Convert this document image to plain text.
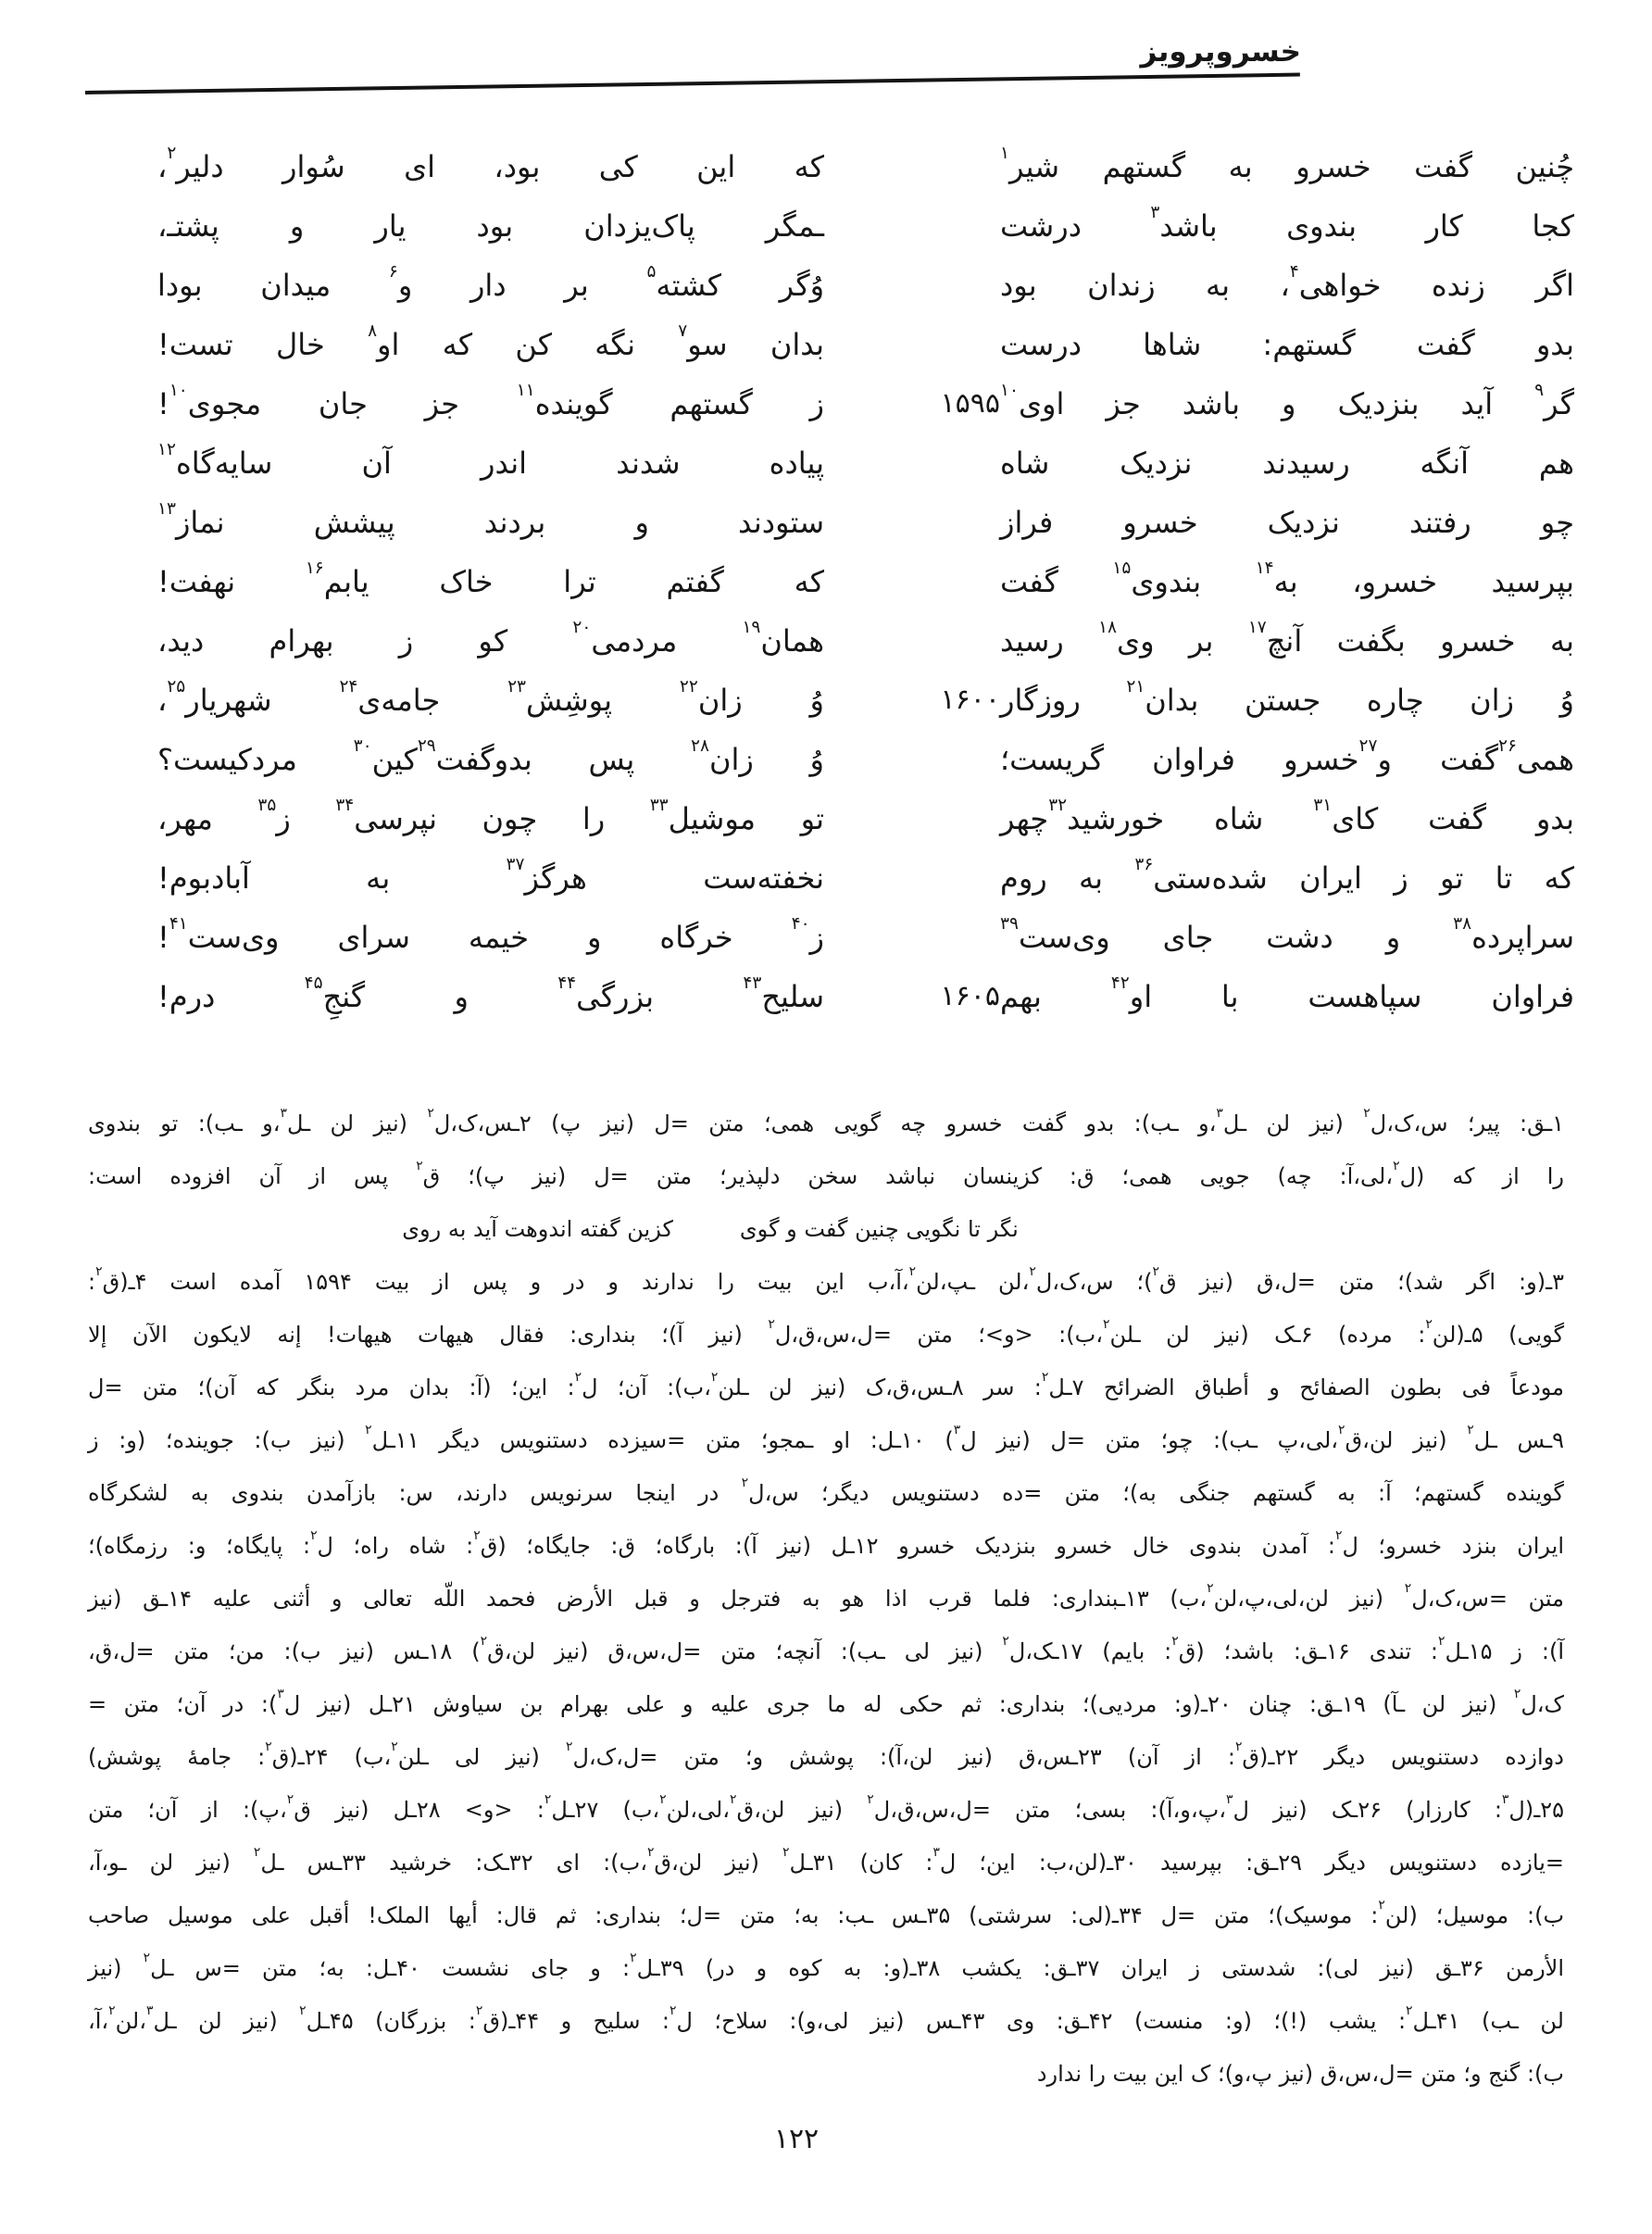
خسروپرویز
که این کی بود، ای سُوار دلیر$^۲$،	چُنین گفت خسرو به گستهم شیر$^۱$
ـمگر پاک‌یزدان بود یار و پشتـ،	کجا کار بندوی باشد$^۳$ درشت
وُگر کشته$^۵$ بر دار و$^۶$ میدان بودا	اگر زنده خواهی$^۴$، به زندان بود
بدان سو$^۷$ نگه کن که او$^۸$ خال تست!	بدو گفت گستهم: شاها درست
ز گستهم گوینده$^{۱۱}$ جز جان مجوی$^{۱۰}$!	۱۵۹۵	گر$^۹$ آید بنزدیک و باشد جز اوی$^{۱۰}$
پیاده شدند اندر آن سایه‌گاه$^{۱۲}$	هم آنگه رسیدند نزدیک شاه
ستودند و بردند پیشش نماز$^{۱۳}$	چو رفتند نزدیک خسرو فراز
که گفتم ترا خاک یابم$^{۱۶}$ نهفت!	بپرسید خسرو، به$^{۱۴}$ بندوی$^{۱۵}$ گفت
همان$^{۱۹}$ مردمی$^{۲۰}$ کو ز بهرام دید،	به خسرو بگفت آنچ$^{۱۷}$ بر وی$^{۱۸}$ رسید
وُ زان$^{۲۲}$ پوشِش$^{۲۳}$ جامه‌ی$^{۲۴}$ شهریار$^{۲۵}$،	۱۶۰۰	وُ زان چاره جستن بدان$^{۲۱}$ روزگار
وُ زان$^{۲۸}$ پس بدوگفت$^{۲۹}$کین$^{۳۰}$ مردکیست؟	همی$^{۲۶}$گفت و$^{۲۷}$خسرو فراوان گریست؛
تو موشیل$^{۳۳}$ را چون نپرسی$^{۳۴}$ ز$^{۳۵}$ مهر،	بدو گفت کای$^{۳۱}$ شاه خورشید$^{۳۲}$چهر
نخفته‌ست هرگز$^{۳۷}$ به آبادبوم!	که تا تو ز ایران شده‌ستی$^{۳۶}$ به روم
ز$^{۴۰}$ خرگاه و خیمه سرای وی‌ست$^{۴۱}$!	سراپرده$^{۳۸}$ و دشت جای وی‌ست$^{۳۹}$
سلیح$^{۴۳}$ بزرگی$^{۴۴}$ و گنجِ$^{۴۵}$ درم!	۱۶۰۵	فراوان سپاهست با او$^{۴۲}$ بهم
۱ـق: پیر؛ س،ک،ل$^۲$ (نیز لن ـل$^۳$،و ـب): بدو گفت خسرو چه گویی همی؛ متن =ل (نیز پ) ۲ـس،ک،ل$^۲$ (نیز لن ـل$^۳$،و ـب): تو بندوی
را از که (ل$^۲$،لی،آ: چه) جویی همی؛ ق: کزینسان نباشد سخن دلپذیر؛ متن =ل (نیز پ)؛ ق$^۲$ پس از آن افزوده است:
نگر تا نگویی چنین گفت و گوی
کزین گفته اندوهت آید به روی
۳ـ(و: اگر شد)؛ متن =ل،ق (نیز ق$^۲$)؛ س،ک،ل$^۲$،لن ـپ،لن$^۲$،آ،ب این بیت را ندارند و در و پس از بیت ۱۵۹۴ آمده است ۴ـ(ق$^۲$:
گویی) ۵ـ(لن$^۲$: مرده) ۶ـک (نیز لن ـلن$^۲$،ب): <و>؛ متن =ل،س،ق،ل$^۲$ (نیز آ)؛ بنداری: فقال هیهات هیهات! إنه لایکون الآن إلا
مودعاً فی بطون الصفائح و أطباق الضرائح ۷ـل$^۲$: سر ۸ـس،ق،ک (نیز لن ـلن$^۲$،ب): آن؛ ل$^۲$: این؛ (آ: بدان مرد بنگر که آن)؛ متن =ل
۹ـس ـل$^۲$ (نیز لن،ق$^۲$،لی،پ ـب): چو؛ متن =ل (نیز ل$^۳$) ۱۰ـل: او ـمجو؛ متن =سیزده دستنویس دیگر ۱۱ـل$^۲$ (نیز ب): جوینده؛ (و: ز
گوینده گستهم؛ آ: به گستهم جنگی به)؛ متن =ده دستنویس دیگر؛ س،ل$^۲$ در اینجا سرنویس دارند، س: بازآمدن بندوی به لشکرگاه
ایران بنزد خسرو؛ ل$^۲$: آمدن بندوی خال خسرو بنزدیک خسرو ۱۲ـل (نیز آ): بارگاه؛ ق: جایگاه؛ (ق$^۲$: شاه راه؛ ل$^۲$: پایگاه؛ و: رزمگاه)؛
متن =س،ک،ل$^۲$ (نیز لن،لی،پ،لن$^۲$،ب) ۱۳ـبنداری: فلما قرب اذا هو به فترجل و قبل الأرض فحمد اللّه تعالی و أثنی علیه ۱۴ـق (نیز
آ): ز ۱۵ـل$^۲$: تندی ۱۶ـق: باشد؛ (ق$^۲$: بایم) ۱۷ـک،ل$^۲$ (نیز لی ـب): آنچه؛ متن =ل،س،ق (نیز لن،ق$^۲$) ۱۸ـس (نیز ب): من؛ متن =ل،ق،
ک،ل$^۲$ (نیز لن ـآ) ۱۹ـق: چنان ۲۰ـ(و: مردیی)؛ بنداری: ثم حکی له ما جری علیه و علی بهرام بن سیاوش ۲۱ـل (نیز ل$^۳$): در آن؛ متن =
دوازده دستنویس دیگر ۲۲ـ(ق$^۲$: از آن) ۲۳ـس،ق (نیز لن،آ): پوشش و؛ متن =ل،ک،ل$^۲$ (نیز لی ـلن$^۲$،ب) ۲۴ـ(ق$^۲$: جامهٔ پوشش)
۲۵ـ(ل$^۳$: کارزار) ۲۶ـک (نیز ل$^۳$،پ،و،آ): بسی؛ متن =ل،س،ق،ل$^۲$ (نیز لن،ق$^۲$،لی،لن$^۲$،ب) ۲۷ـل$^۲$: <و> ۲۸ـل (نیز ق$^۲$،پ): از آن؛ متن
=یازده دستنویس دیگر ۲۹ـق: بپرسید ۳۰ـ(لن،ب: این؛ ل$^۳$: کان) ۳۱ـل$^۲$ (نیز لن،ق$^۲$،ب): ای ۳۲ـک: خرشید ۳۳ـس ـل$^۲$ (نیز لن ـو،آ،
ب): موسیل؛ (لن$^۲$: موسیک)؛ متن =ل ۳۴ـ(لی: سرشتی) ۳۵ـس ـب: به؛ متن =ل؛ بنداری: ثم قال: أیها الملک! أقبل علی موسیل صاحب
الأرمن ۳۶ـق (نیز لی): شدستی ز ایران ۳۷ـق: یکشب ۳۸ـ(و: به کوه و در) ۳۹ـل$^۲$: و جای نشست ۴۰ـل: به؛ متن =س ـل$^۲$ (نیز
لن ـب) ۴۱ـل$^۲$: یشب (!)؛ (و: منست) ۴۲ـق: وی ۴۳ـس (نیز لی،و): سلاح؛ ل$^۲$: سلیح و ۴۴ـ(ق$^۲$: بزرگان) ۴۵ـل$^۲$ (نیز لن ـل$^۳$،لن$^۲$،آ،
ب): گنج و؛ متن =ل،س،ق (نیز پ،و)؛ ک این بیت را ندارد
۱۲۲
